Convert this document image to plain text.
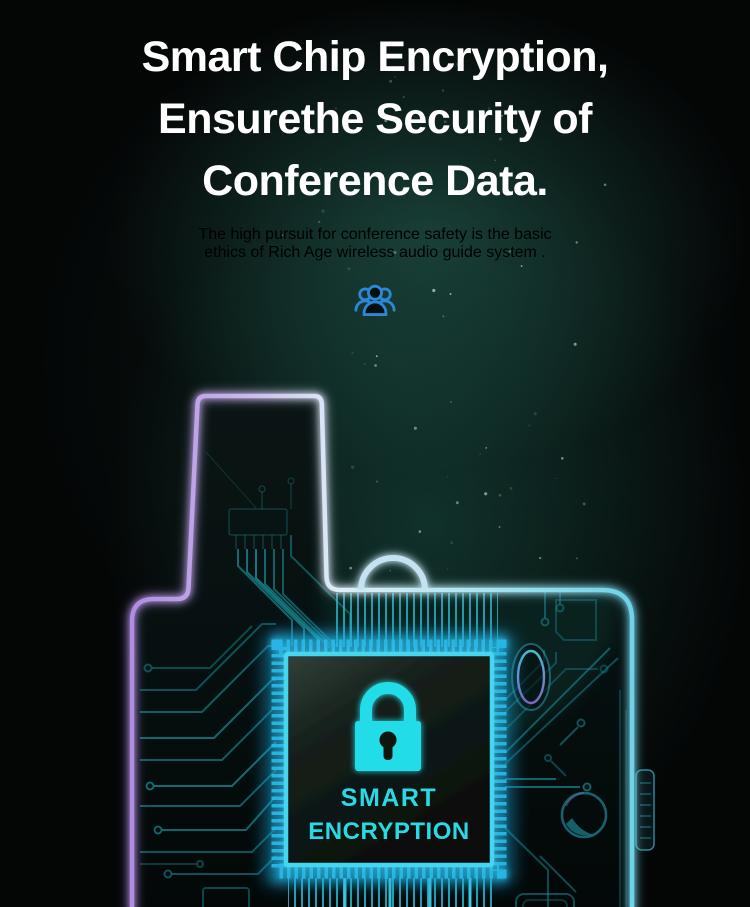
SMART
ENCRYPTION
Smart Chip Encryption,
Ensurethe Security of
Conference Data.

The high pursuit for conference safety is the basic
ethics of Rich Age wireless audio guide system .
